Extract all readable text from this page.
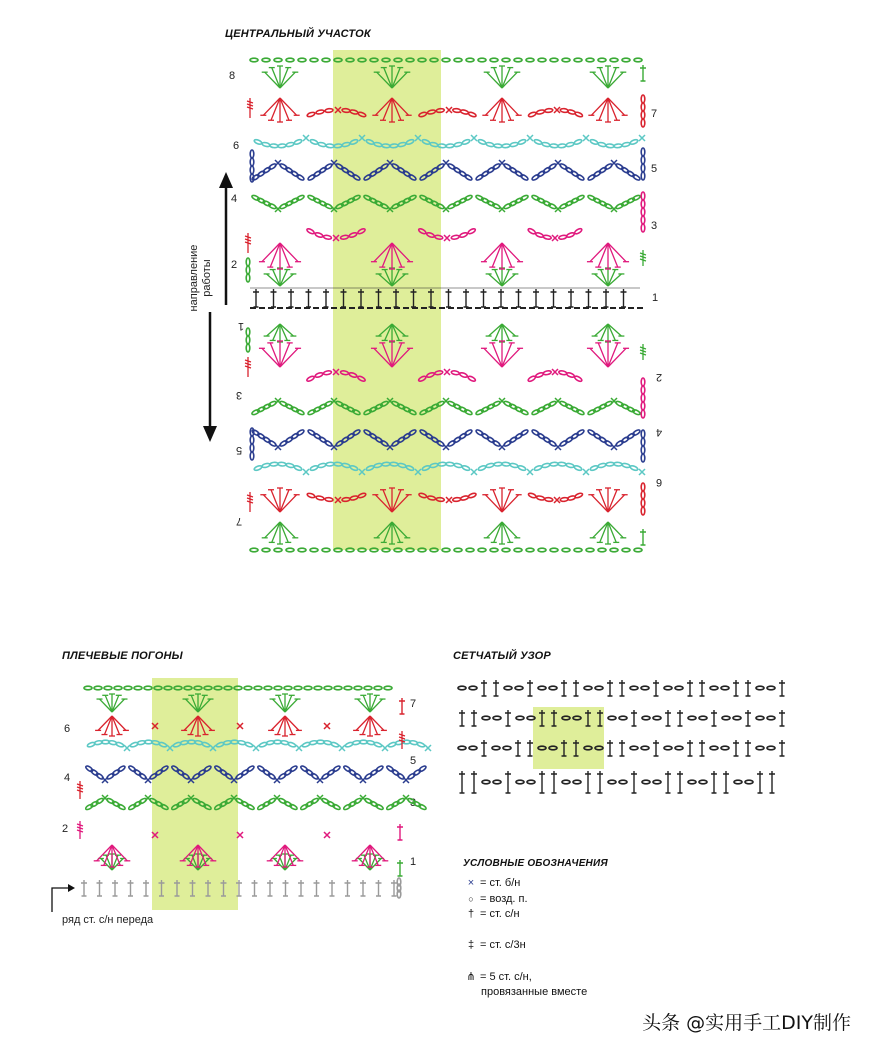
ЦЕНТРАЛЬНЫЙ УЧАСТОК
ПЛЕЧЕВЫЕ ПОГОНЫ	СЕТЧАТЫЙ УЗОР
направление работы
8
6
4
2
7
5
3
1
1
3
5
7
2
4
6
6
4
2
7
5
3
1
ряд ст. с/н переда
УСЛОВНЫЕ ОБОЗНАЧЕНИЯ
× = ст. б/н
○ = возд. п.
† = ст. с/н
‡ = ст. с/3н
⋔ = 5 ст. с/н,
провязанные вместе
头条 @实用手工DIY制作
